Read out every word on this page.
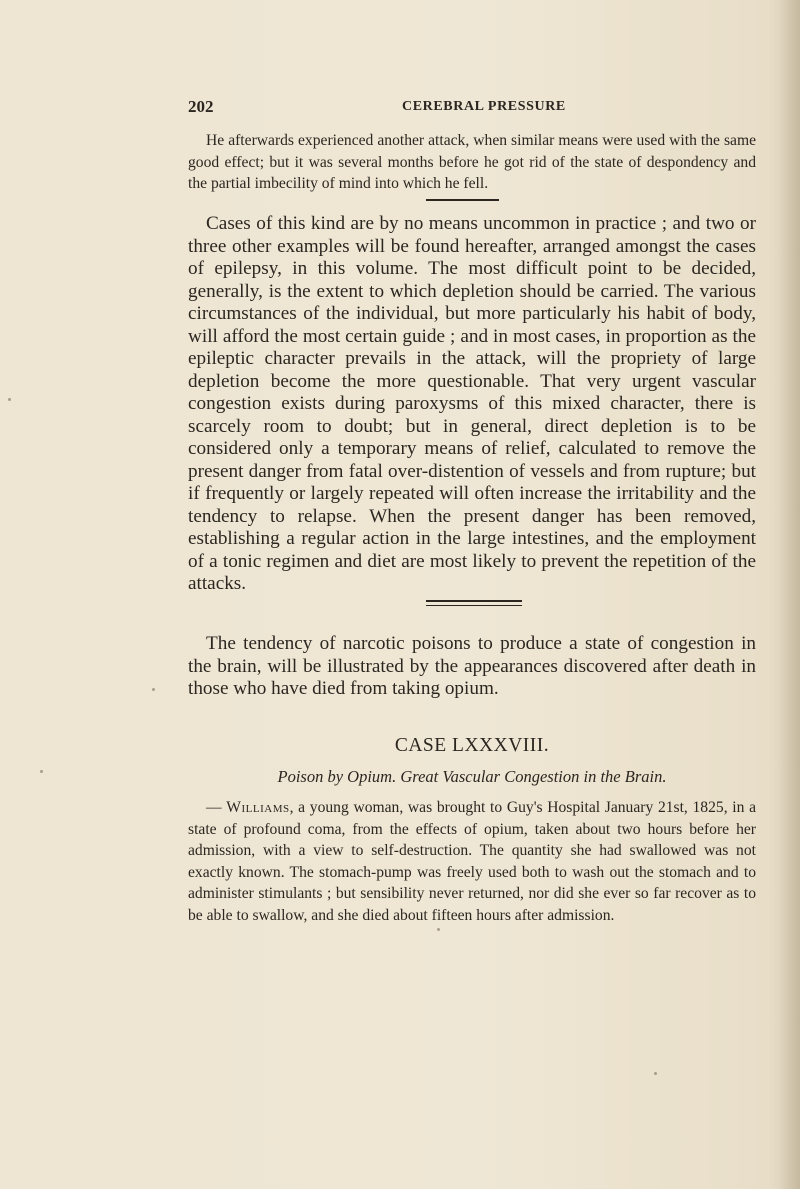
202	CEREBRAL PRESSURE

He afterwards experienced another attack, when similar means were used with the same good effect; but it was several months before he got rid of the state of despondency and the partial imbecility of mind into which he fell.

Cases of this kind are by no means uncommon in practice ; and two or three other examples will be found hereafter, arranged amongst the cases of epilepsy, in this volume. The most difficult point to be decided, generally, is the extent to which depletion should be carried. The various circumstances of the individual, but more particularly his habit of body, will afford the most certain guide ; and in most cases, in proportion as the epileptic character prevails in the attack, will the propriety of large depletion become the more questionable. That very urgent vascular congestion exists during paroxysms of this mixed character, there is scarcely room to doubt; but in general, direct depletion is to be considered only a temporary means of relief, calculated to remove the present danger from fatal over-distention of vessels and from rupture; but if frequently or largely repeated will often increase the irritability and the tendency to relapse. When the present danger has been removed, establishing a regular action in the large intestines, and the employment of a tonic regimen and diet are most likely to prevent the repetition of the attacks.

The tendency of narcotic poisons to produce a state of congestion in the brain, will be illustrated by the appearances discovered after death in those who have died from taking opium.

CASE LXXXVIII.
Poison by Opium. Great Vascular Congestion in the Brain.

— Williams, a young woman, was brought to Guy's Hospital January 21st, 1825, in a state of profound coma, from the effects of opium, taken about two hours before her admission, with a view to self-destruction. The quantity she had swallowed was not exactly known. The stomach-pump was freely used both to wash out the stomach and to administer stimulants ; but sensibility never returned, nor did she ever so far recover as to be able to swallow, and she died about fifteen hours after admission.
